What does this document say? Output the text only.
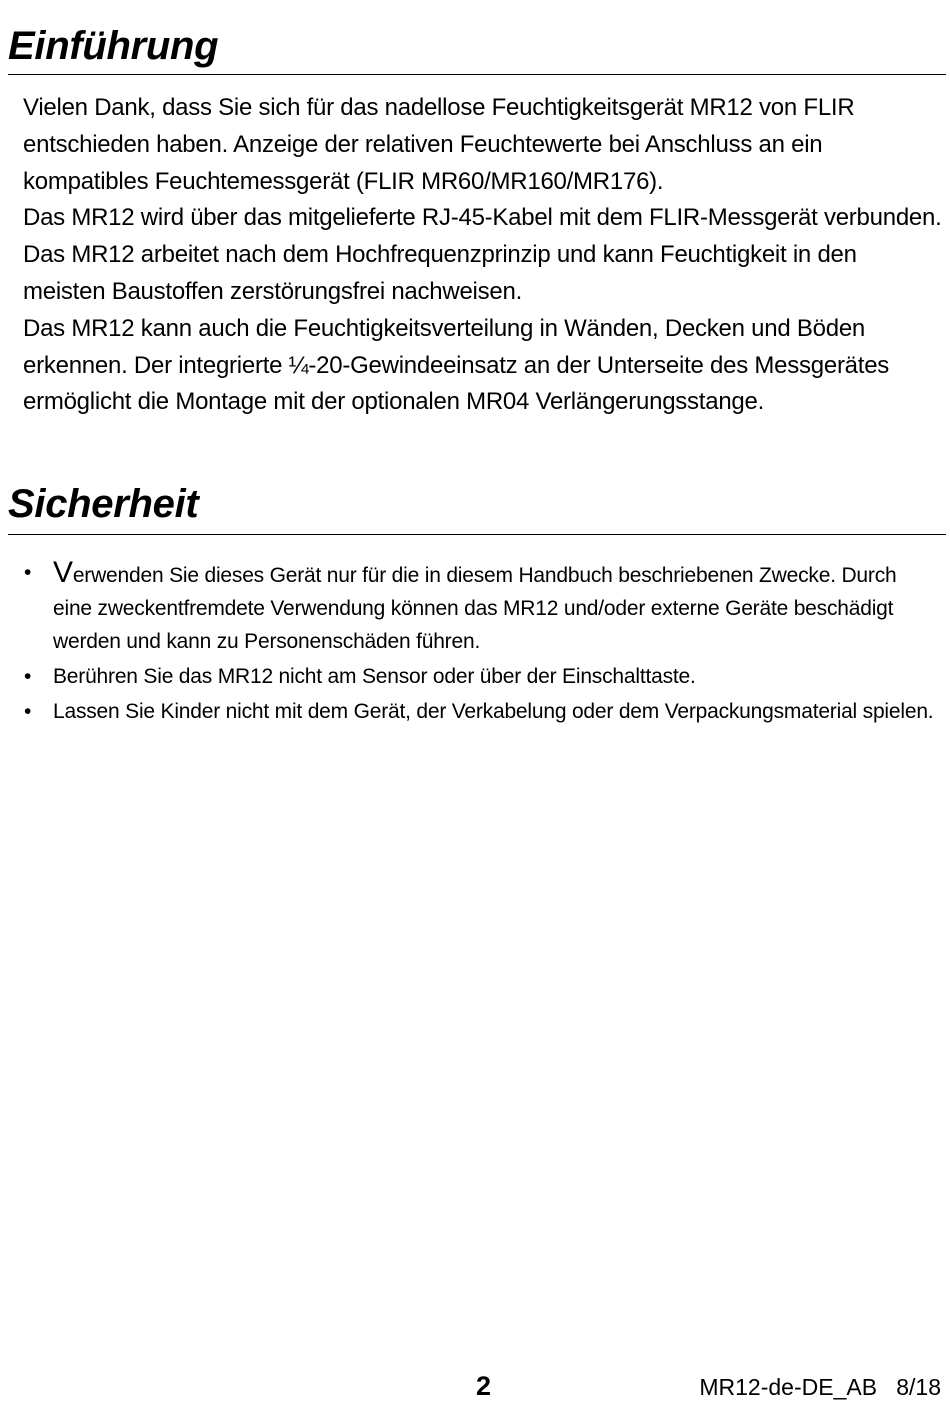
Einführung

Vielen Dank, dass Sie sich für das nadellose Feuchtigkeitsgerät MR12 von FLIR entschieden haben. Anzeige der relativen Feuchtewerte bei Anschluss an ein kompatibles Feuchtemessgerät (FLIR MR60/MR160/MR176).

Das MR12 wird über das mitgelieferte RJ-45-Kabel mit dem FLIR-Messgerät verbunden. Das MR12 arbeitet nach dem Hochfrequenzprinzip und kann Feuchtigkeit in den meisten Baustoffen zerstörungsfrei nachweisen.

Das MR12 kann auch die Feuchtigkeitsverteilung in Wänden, Decken und Böden erkennen. Der integrierte ¼-20-Gewindeeinsatz an der Unterseite des Messgerätes ermöglicht die Montage mit der optionalen MR04 Verlängerungsstange.

Sicherheit
• Verwenden Sie dieses Gerät nur für die in diesem Handbuch beschriebenen Zwecke. Durch eine zweckentfremdete Verwendung können das MR12 und/oder externe Geräte beschädigt werden und kann zu Personenschäden führen.
• Berühren Sie das MR12 nicht am Sensor oder über der Einschalttaste.
• Lassen Sie Kinder nicht mit dem Gerät, der Verkabelung oder dem Verpackungsmaterial spielen.
2	MR12-de-DE_AB 8/18
